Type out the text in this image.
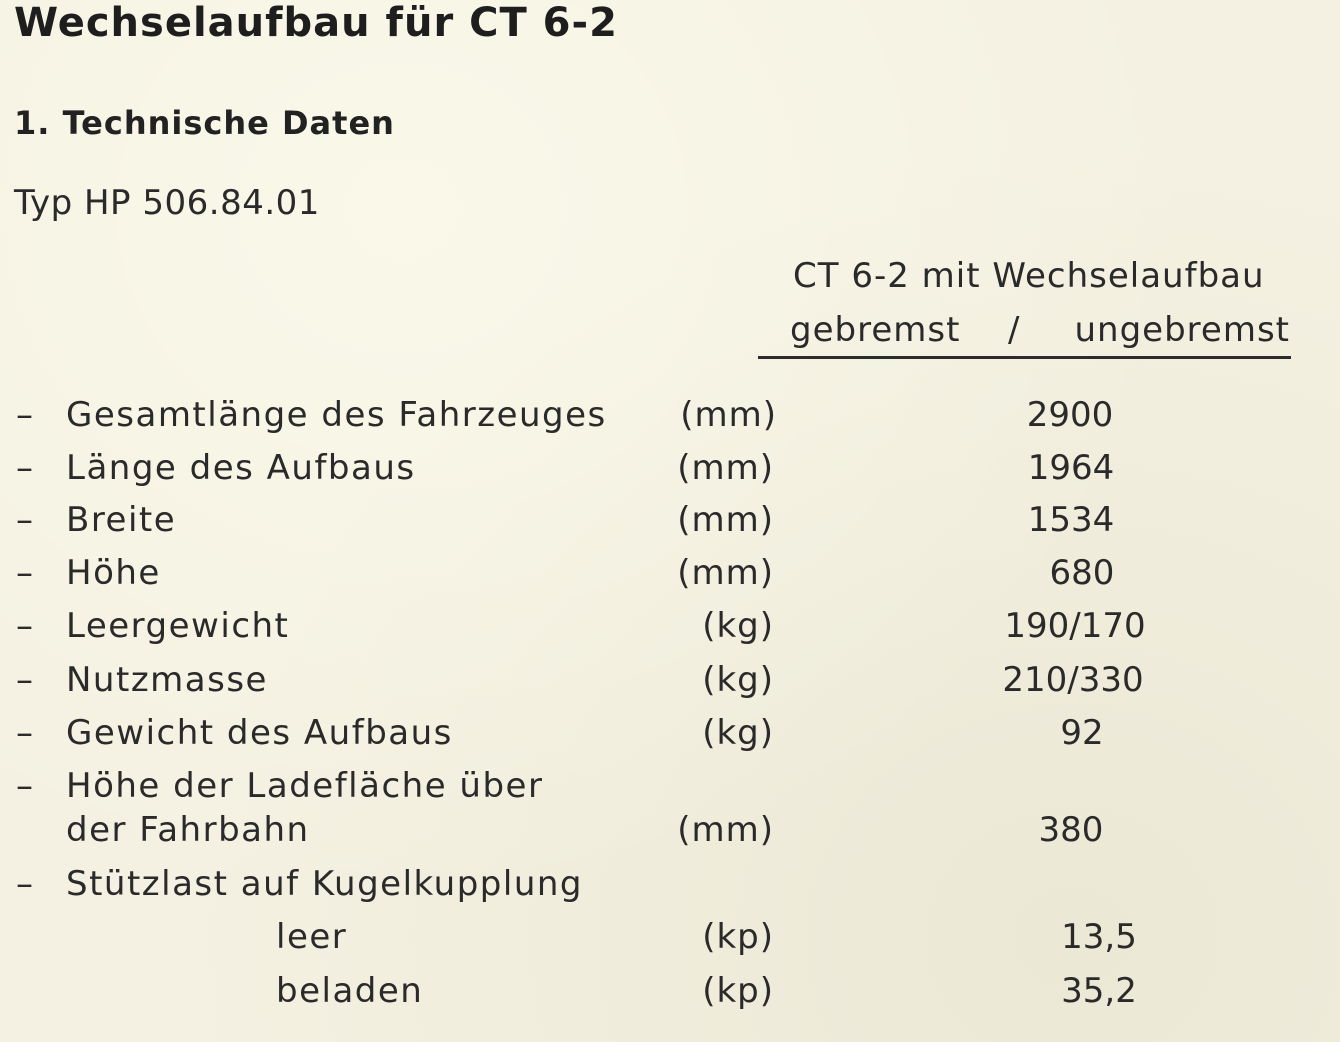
Wechselaufbau für CT 6-2
1. Technische Daten
Typ HP 506.84.01
CT 6-2 mit Wechselaufbau
gebremst / ungebremst
– Gesamtlänge des Fahrzeuges (mm)	2900
– Länge des Aufbaus	(mm)	1964
– Breite	(mm)	1534
– Höhe	(mm)	680
– Leergewicht	(kg)	190/170
– Nutzmasse	(kg)	210/330
– Gewicht des Aufbaus	(kg)	92
– Höhe der Ladefläche über
der Fahrbahn	(mm)	380
– Stützlast auf Kugelkupplung
leer	(kp)	13,5
beladen	(kp)	35,2
